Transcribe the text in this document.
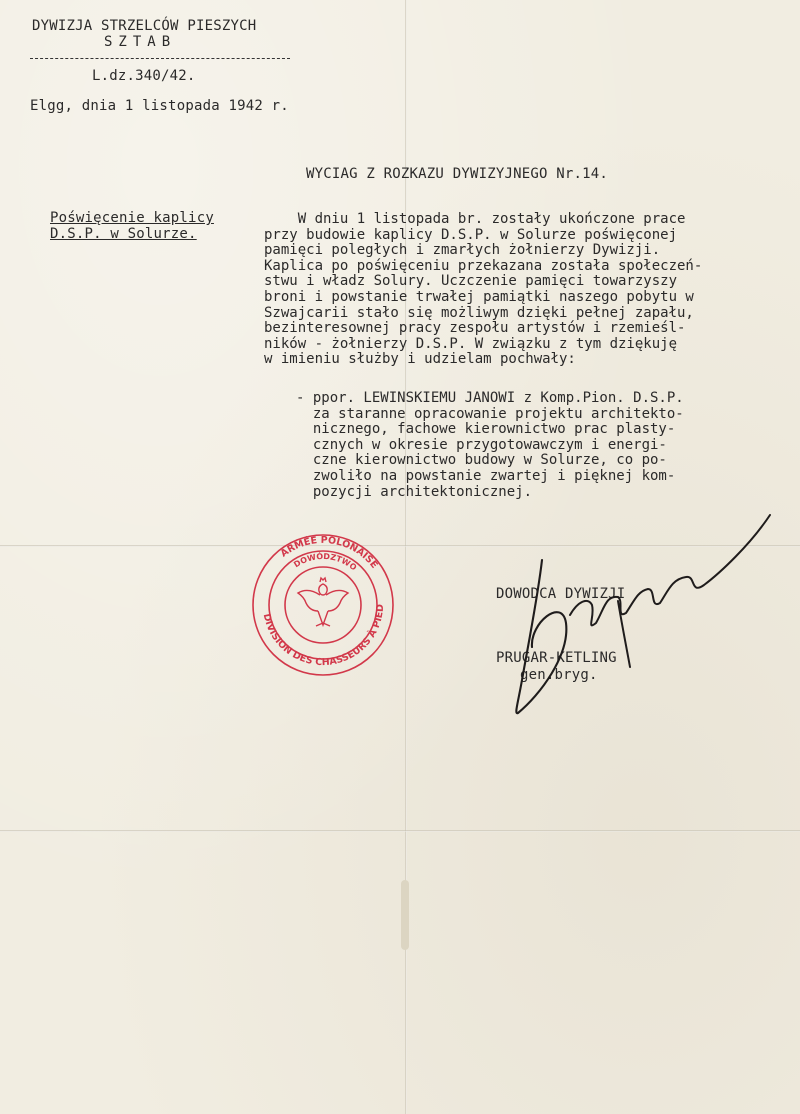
DYWIZJA STRZELCÓW PIESZYCH
SZTAB
L.dz.340/42.
Elgg, dnia 1 listopada 1942 r.
WYCIAG Z ROZKAZU DYWIZYJNEGO Nr.14.
Poświęcenie kaplicy
D.S.P. w Solurze.
W dniu 1 listopada br. zostały ukończone prace
przy budowie kaplicy D.S.P. w Solurze poświęconej
pamięci poległych i zmarłych żołnierzy Dywizji.
Kaplica po poświęceniu przekazana została społeczeń-
stwu i władz Solury. Uczczenie pamięci towarzyszy
broni i powstanie trwałej pamiątki naszego pobytu w
Szwajcarii stało się możliwym dzięki pełnej zapału,
bezinteresownej pracy zespołu artystów i rzemieśl-
ników - żołnierzy D.S.P. W związku z tym dziękuję
w imieniu służby i udzielam pochwały:
- ppor. LEWINSKIEMU JANOWI z Komp.Pion. D.S.P.
za staranne opracowanie projektu architekto-
nicznego, fachowe kierownictwo prac plasty-
cznych w okresie przygotowawczym i energi-
czne kierownictwo budowy w Solurze, co po-
zwoliło na powstanie zwartej i pięknej kom-
pozycji architektonicznej.
ARMÉE POLONAISE
DIVISION DES CHASSEURS À PIED
DOWÓDZTWO
DOWODCA DYWIZJI
PRUGAR-KETLING
gen.bryg.
